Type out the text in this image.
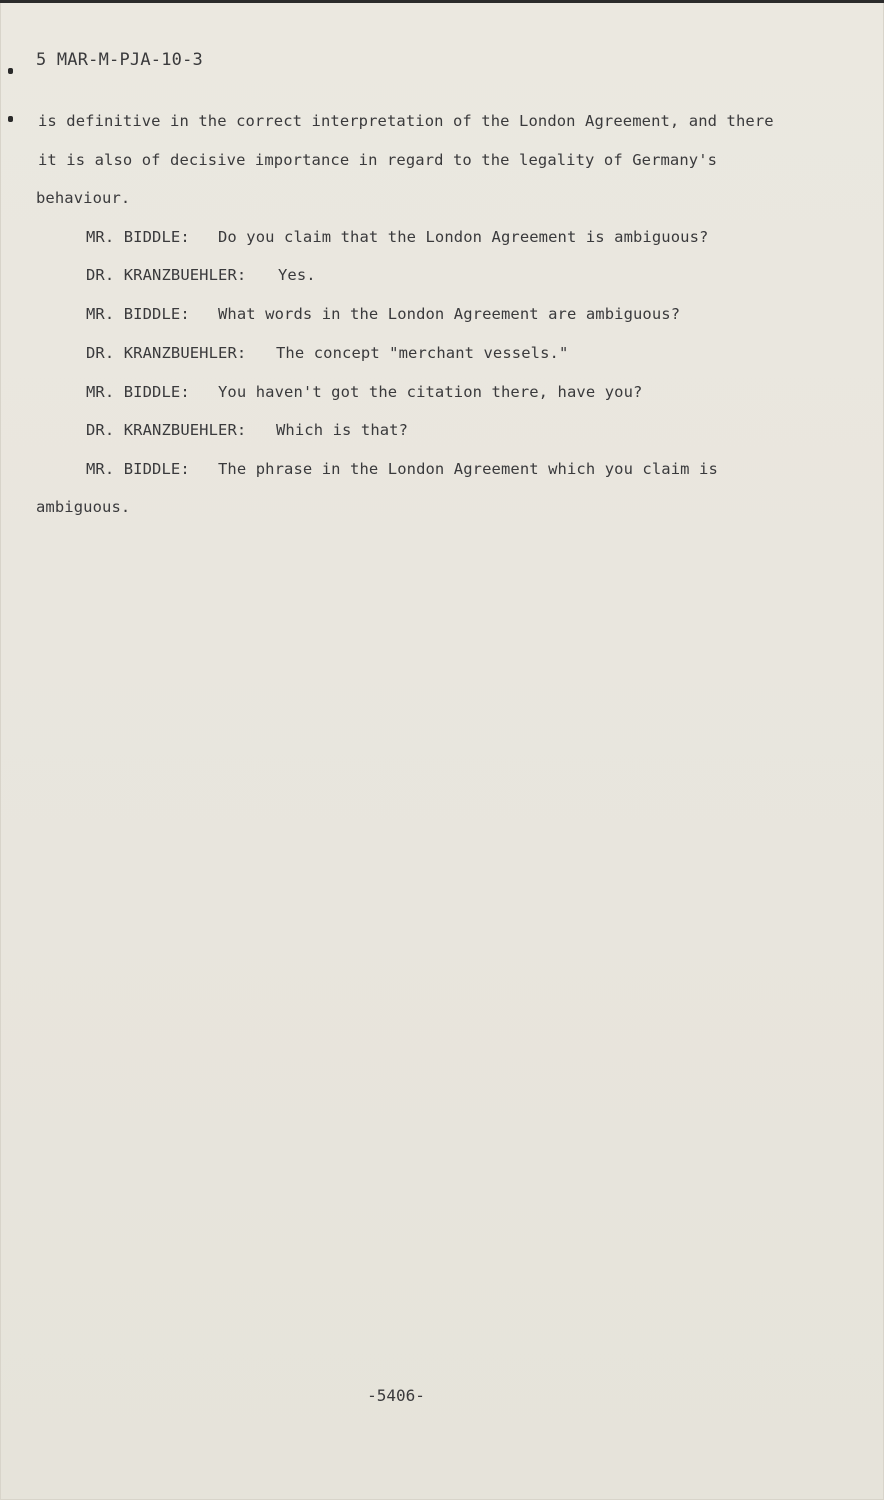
5 MAR-M-PJA-10-3
is definitive in the correct interpretation of the London Agreement, and there
it is also of decisive importance in regard to the legality of Germany's
behaviour.
MR. BIDDLE: Do you claim that the London Agreement is ambiguous?
DR. KRANZBUEHLER: Yes.
MR. BIDDLE: What words in the London Agreement are ambiguous?
DR. KRANZBUEHLER: The concept "merchant vessels."
MR. BIDDLE: You haven't got the citation there, have you?
DR. KRANZBUEHLER: Which is that?
MR. BIDDLE: The phrase in the London Agreement which you claim is
ambiguous.
-5406-
